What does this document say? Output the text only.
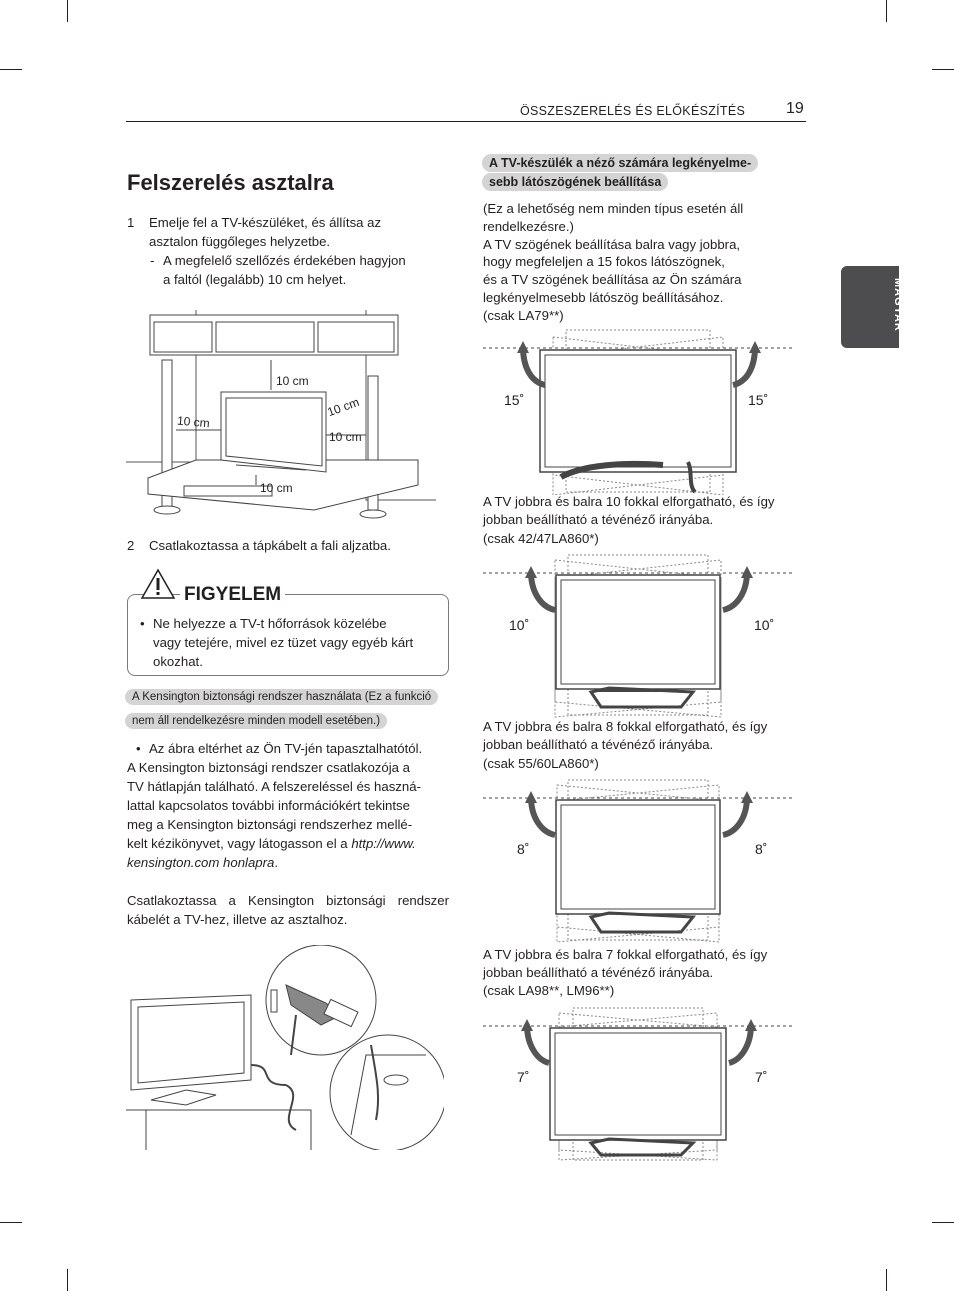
ÖSSZESZERELÉS ÉS ELŐKÉSZÍTÉS	19
MAGYAR
Felszerelés asztalra
1 Emelje fel a TV-készüléket, és állítsa az
asztalon függőleges helyzetbe.
- A megfelelő szellőzés érdekében hagyjon
a faltól (legalább) 10 cm helyet.
10 cm
10 cm
10 cm
10 cm
10 cm
2 Csatlakoztassa a tápkábelt a fali aljzatba.
FIGYELEM
• Ne helyezze a TV-t hőforrások közelébe
vagy tetejére, mivel ez tüzet vagy egyéb kárt
okozhat.
A Kensington biztonsági rendszer használata (Ez a funkció
nem áll rendelkezésre minden modell esetében.)
• Az ábra eltérhet az Ön TV-jén tapasztalhatótól.
A Kensington biztonsági rendszer csatlakozója a
TV hátlapján található. A felszereléssel és haszná-
lattal kapcsolatos további információkért tekintse
meg a Kensington biztonsági rendszerhez mellé-
kelt kézikönyvet, vagy látogasson el a http://www.
kensington.com honlapra.
Csatlakoztassa a Kensington biztonsági rendszer
kábelét a TV-hez, illetve az asztalhoz.
A TV-készülék a néző számára legkényelme-
sebb látószögének beállítása
(Ez a lehetőség nem minden típus esetén áll
rendelkezésre.)
A TV szögének beállítása balra vagy jobbra,
hogy megfeleljen a 15 fokos látószögnek,
és a TV szögének beállítása az Ön számára
legkényelmesebb látószög beállításához.
(csak LA79**)
15˚	15˚
A TV jobbra és balra 10 fokkal elforgatható, és így
jobban beállítható a tévénéző irányába.
(csak 42/47LA860*)
10˚	10˚
A TV jobbra és balra 8 fokkal elforgatható, és így
jobban beállítható a tévénéző irányába.
(csak 55/60LA860*)
8˚	8˚
A TV jobbra és balra 7 fokkal elforgatható, és így
jobban beállítható a tévénéző irányába.
(csak LA98**, LM96**)
7˚	7˚
